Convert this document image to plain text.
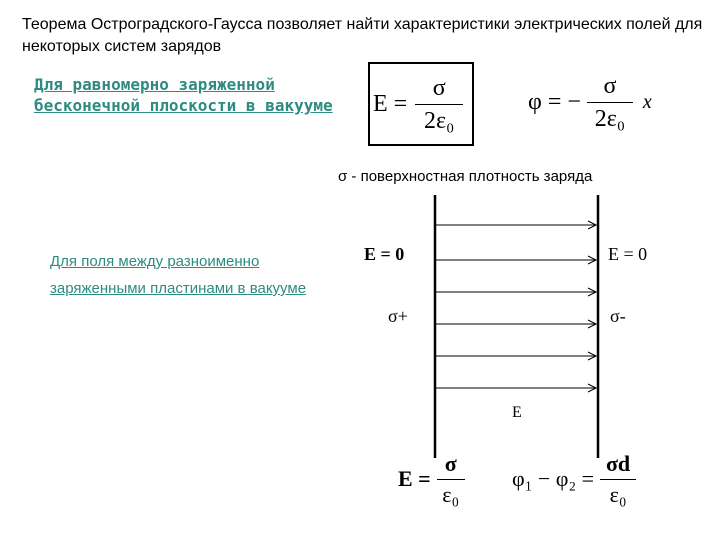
Теорема Остроградского-Гаусса позволяет найти характеристики электрических полей для некоторых систем зарядов
Для равномерно заряженной бесконечной плоскости в вакууме	$E = \frac{\sigma}{\text{2ε₀}}$	φ = − $\frac{\sigma}{\text{2ε₀}}$ x
σ - поверхностная плотность заряда
Для поля между разноименно заряженными пластинами в вакууме
E = 0	E = 0
σ+	σ-
E
$E = \frac{\sigma}{\text{ε₀}} \varphi_1 - \varphi_2 = \frac{\sigma d}{\text{ε₀}}$
